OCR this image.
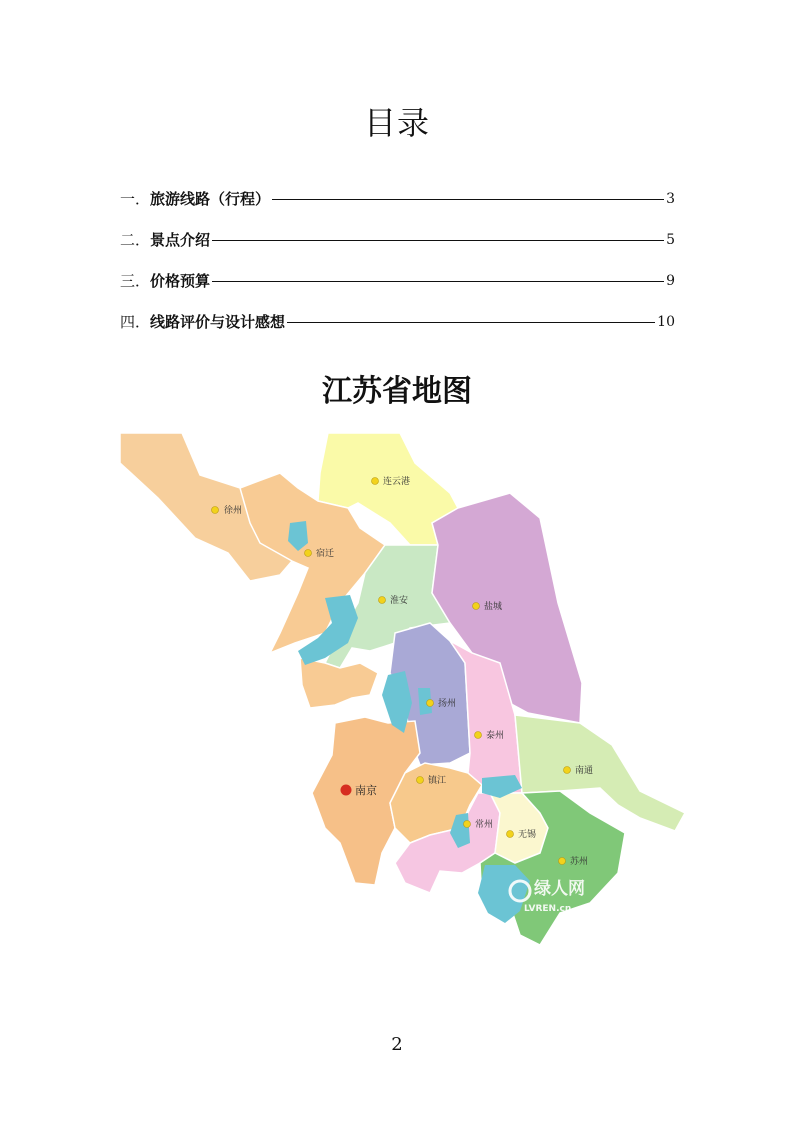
目录
一． 旅游线路（行程）	3
二． 景点介绍	5
三． 价格预算	9
四． 线路评价与设计感想	10
江苏省地图
连云港
徐州
宿迁
淮安
盐城
扬州
泰州
南通
南京
镇江
常州
无锡
苏州
绿人网
LVREN.cn
2
